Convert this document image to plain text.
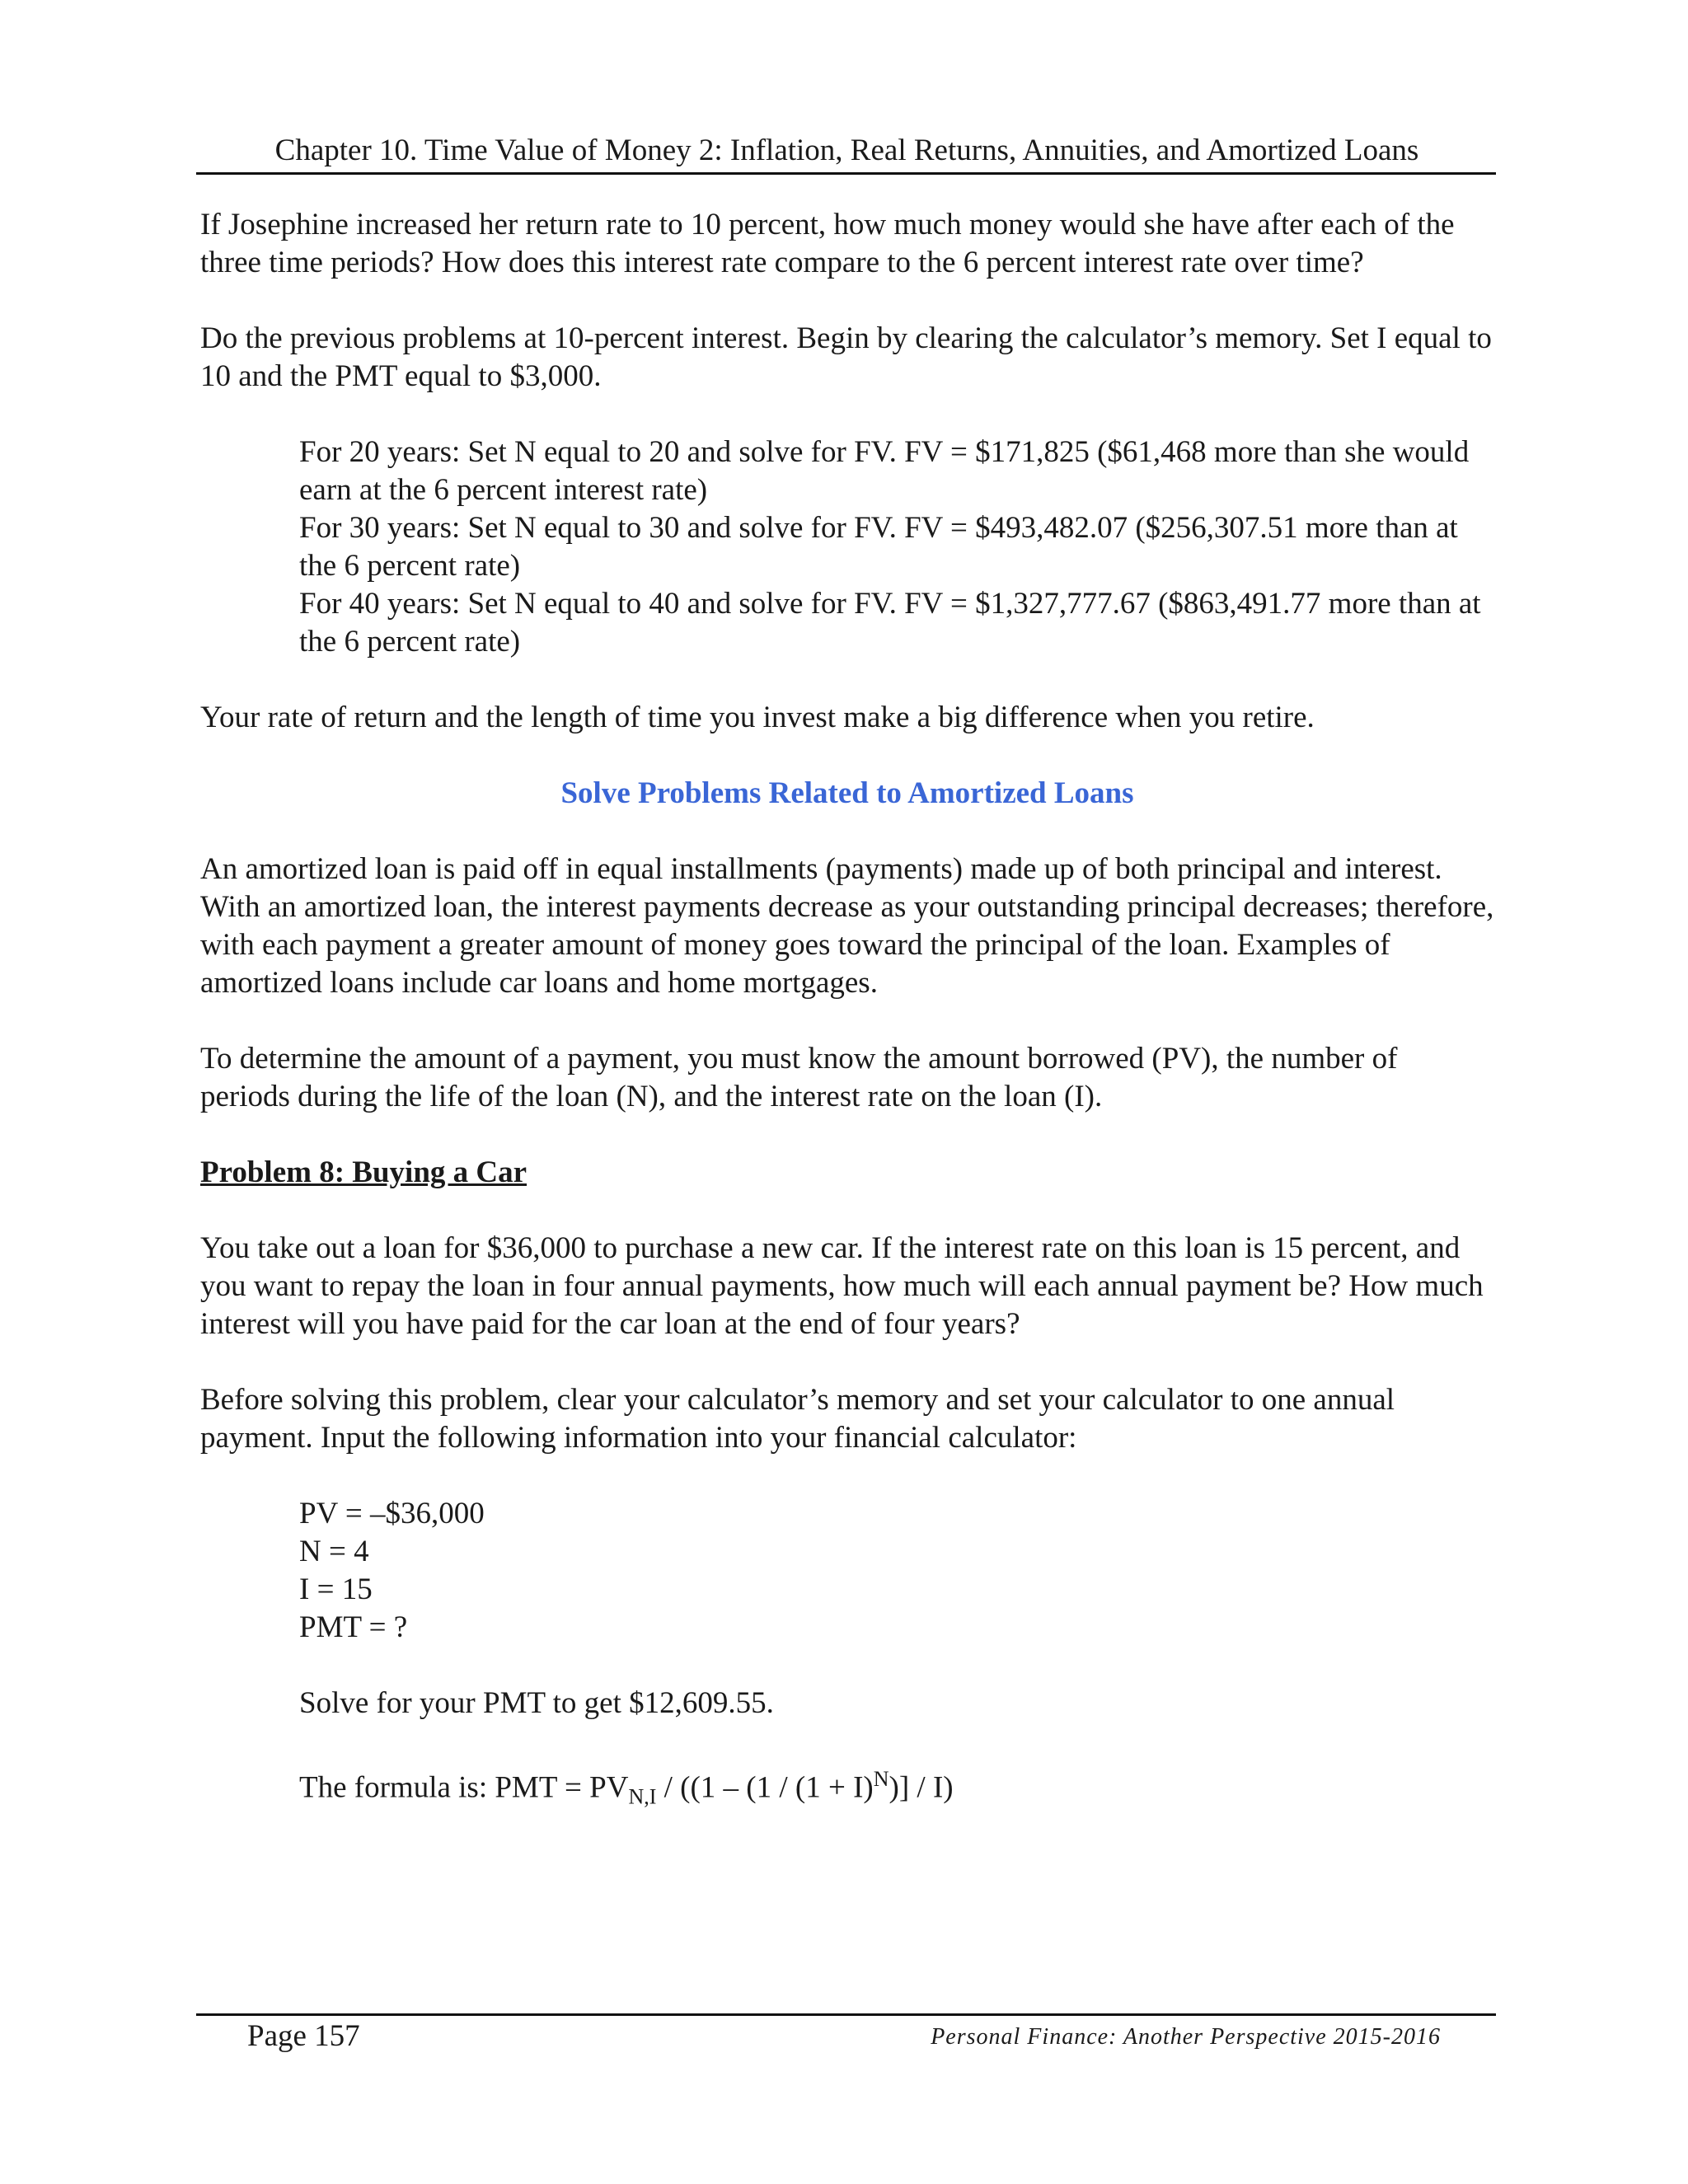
Chapter 10. Time Value of Money 2: Inflation, Real Returns, Annuities, and Amortized Loans

If Josephine increased her return rate to 10 percent, how much money would she have after each of the three time periods? How does this interest rate compare to the 6 percent interest rate over time?

Do the previous problems at 10-percent interest. Begin by clearing the calculator’s memory. Set I equal to 10 and the PMT equal to $3,000.

For 20 years: Set N equal to 20 and solve for FV. FV = $171,825 ($61,468 more than she would earn at the 6 percent interest rate)

For 30 years: Set N equal to 30 and solve for FV. FV = $493,482.07 ($256,307.51 more than at the 6 percent rate)

For 40 years: Set N equal to 40 and solve for FV. FV = $1,327,777.67 ($863,491.77 more than at the 6 percent rate)

Your rate of return and the length of time you invest make a big difference when you retire.

Solve Problems Related to Amortized Loans

An amortized loan is paid off in equal installments (payments) made up of both principal and interest. With an amortized loan, the interest payments decrease as your outstanding principal decreases; therefore, with each payment a greater amount of money goes toward the principal of the loan. Examples of amortized loans include car loans and home mortgages.

To determine the amount of a payment, you must know the amount borrowed (PV), the number of periods during the life of the loan (N), and the interest rate on the loan (I).

Problem 8: Buying a Car

You take out a loan for $36,000 to purchase a new car. If the interest rate on this loan is 15 percent, and you want to repay the loan in four annual payments, how much will each annual payment be? How much interest will you have paid for the car loan at the end of four years?

Before solving this problem, clear your calculator’s memory and set your calculator to one annual payment. Input the following information into your financial calculator:

PV = –$36,000

N = 4

I = 15

PMT = ?

Solve for your PMT to get $12,609.55.

The formula is: PMT = $PV_{N,I} / ((1 - (1 / (1 + I)^N)] / I)$

Page 157	Personal Finance: Another Perspective 2015-2016
